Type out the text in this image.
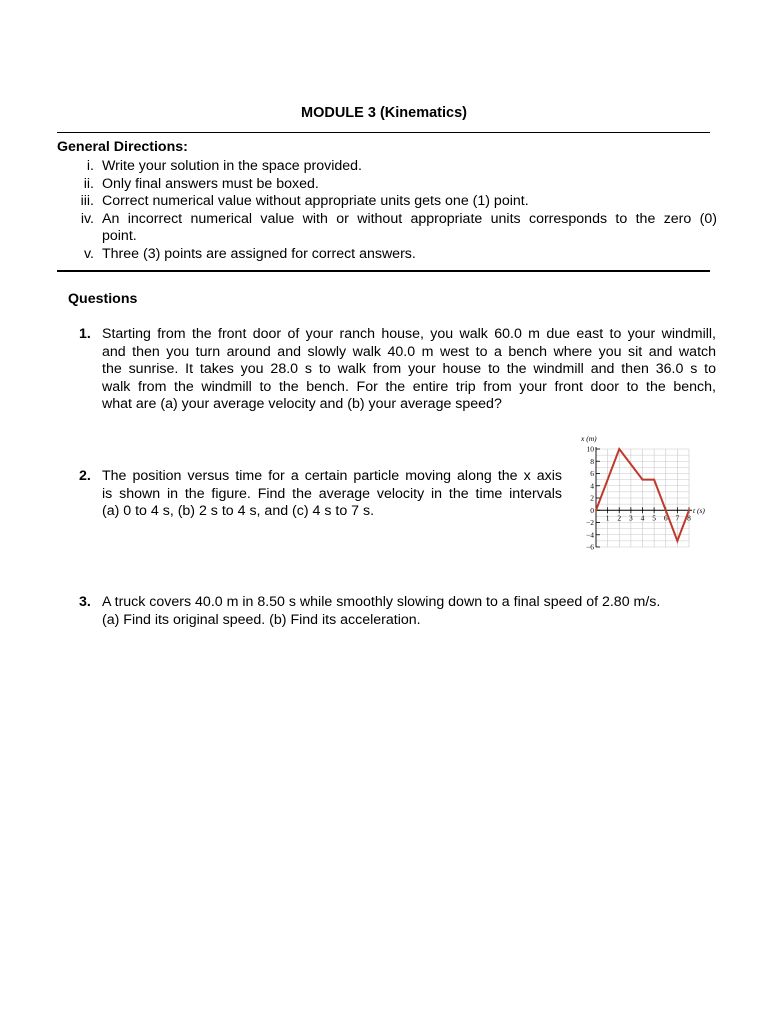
MODULE 3 (Kinematics)
General Directions:
i. Write your solution in the space provided.
ii. Only final answers must be boxed.
iii. Correct numerical value without appropriate units gets one (1) point.
iv. An incorrect numerical value with or without appropriate units corresponds to the zero (0)
point.
v. Three (3) points are assigned for correct answers.
Questions
1. Starting from the front door of your ranch house, you walk 60.0 m due east to your windmill,
and then you turn around and slowly walk 40.0 m west to a bench where you sit and watch
the sunrise. It takes you 28.0 s to walk from your house to the windmill and then 36.0 s to
walk from the windmill to the bench. For the entire trip from your front door to the bench,
what are (a) your average velocity and (b) your average speed?
2. The position versus time for a certain particle moving along the x axis
is shown in the figure. Find the average velocity in the time intervals
(a) 0 to 4 s, (b) 2 s to 4 s, and (c) 4 s to 7 s.
10
8
6
4
2
0
−2
−4
−6
1 2 3 4 5 6 7 8
x (m)
t (s)
3. A truck covers 40.0 m in 8.50 s while smoothly slowing down to a final speed of 2.80 m/s.
(a) Find its original speed. (b) Find its acceleration.
